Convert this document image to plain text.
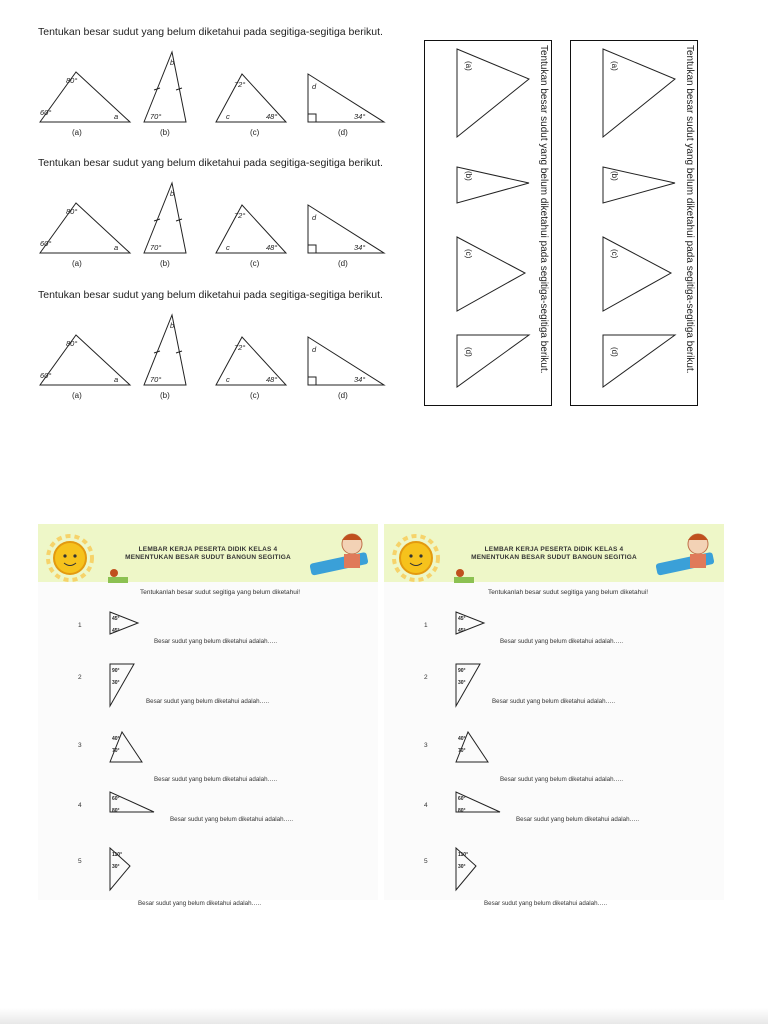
Tentukan besar sudut yang belum diketahui pada segitiga-segitiga berikut.
80°
60°	a
b
70°
72°
c	48°
d
34°
(a)	(b)	(c)	(d)
Tentukan besar sudut yang belum diketahui pada segitiga-segitiga berikut.
80°
60°	a
b
70°
72°
c	48°
d
34°
(a)	(b)	(c)	(d)
Tentukan besar sudut yang belum diketahui pada segitiga-segitiga berikut.
80°
60°	a
b
70°
72°
c	48°
d
34°
(a)	(b)	(c)	(d)
Tentukan besar sudut yang belum diketahui pada segitiga-segitiga berikut.
(a)
(b)
(c)
(d)	Tentukan besar sudut yang belum diketahui pada segitiga-segitiga berikut.
(a)
(b)
(c)
(d)
LEMBAR KERJA PESERTA DIDIK KELAS 4
MENENTUKAN BESAR SUDUT BANGUN SEGITIGA
Tentukanlah besar sudut segitiga yang belum diketahui!
1
45°
45°
Besar sudut yang belum diketahui adalah…..
2
90°
30°
Besar sudut yang belum diketahui adalah…..
3
40°
70°
Besar sudut yang belum diketahui adalah…..
4
60°
80°
Besar sudut yang belum diketahui adalah…..
5
110°
30°
Besar sudut yang belum diketahui adalah…..
LEMBAR KERJA PESERTA DIDIK KELAS 4
MENENTUKAN BESAR SUDUT BANGUN SEGITIGA
Tentukanlah besar sudut segitiga yang belum diketahui!
1
45°
45°
Besar sudut yang belum diketahui adalah…..
2
90°
30°
Besar sudut yang belum diketahui adalah…..
3
40°
70°
Besar sudut yang belum diketahui adalah…..
4
60°
80°
Besar sudut yang belum diketahui adalah…..
5
110°
30°
Besar sudut yang belum diketahui adalah…..
